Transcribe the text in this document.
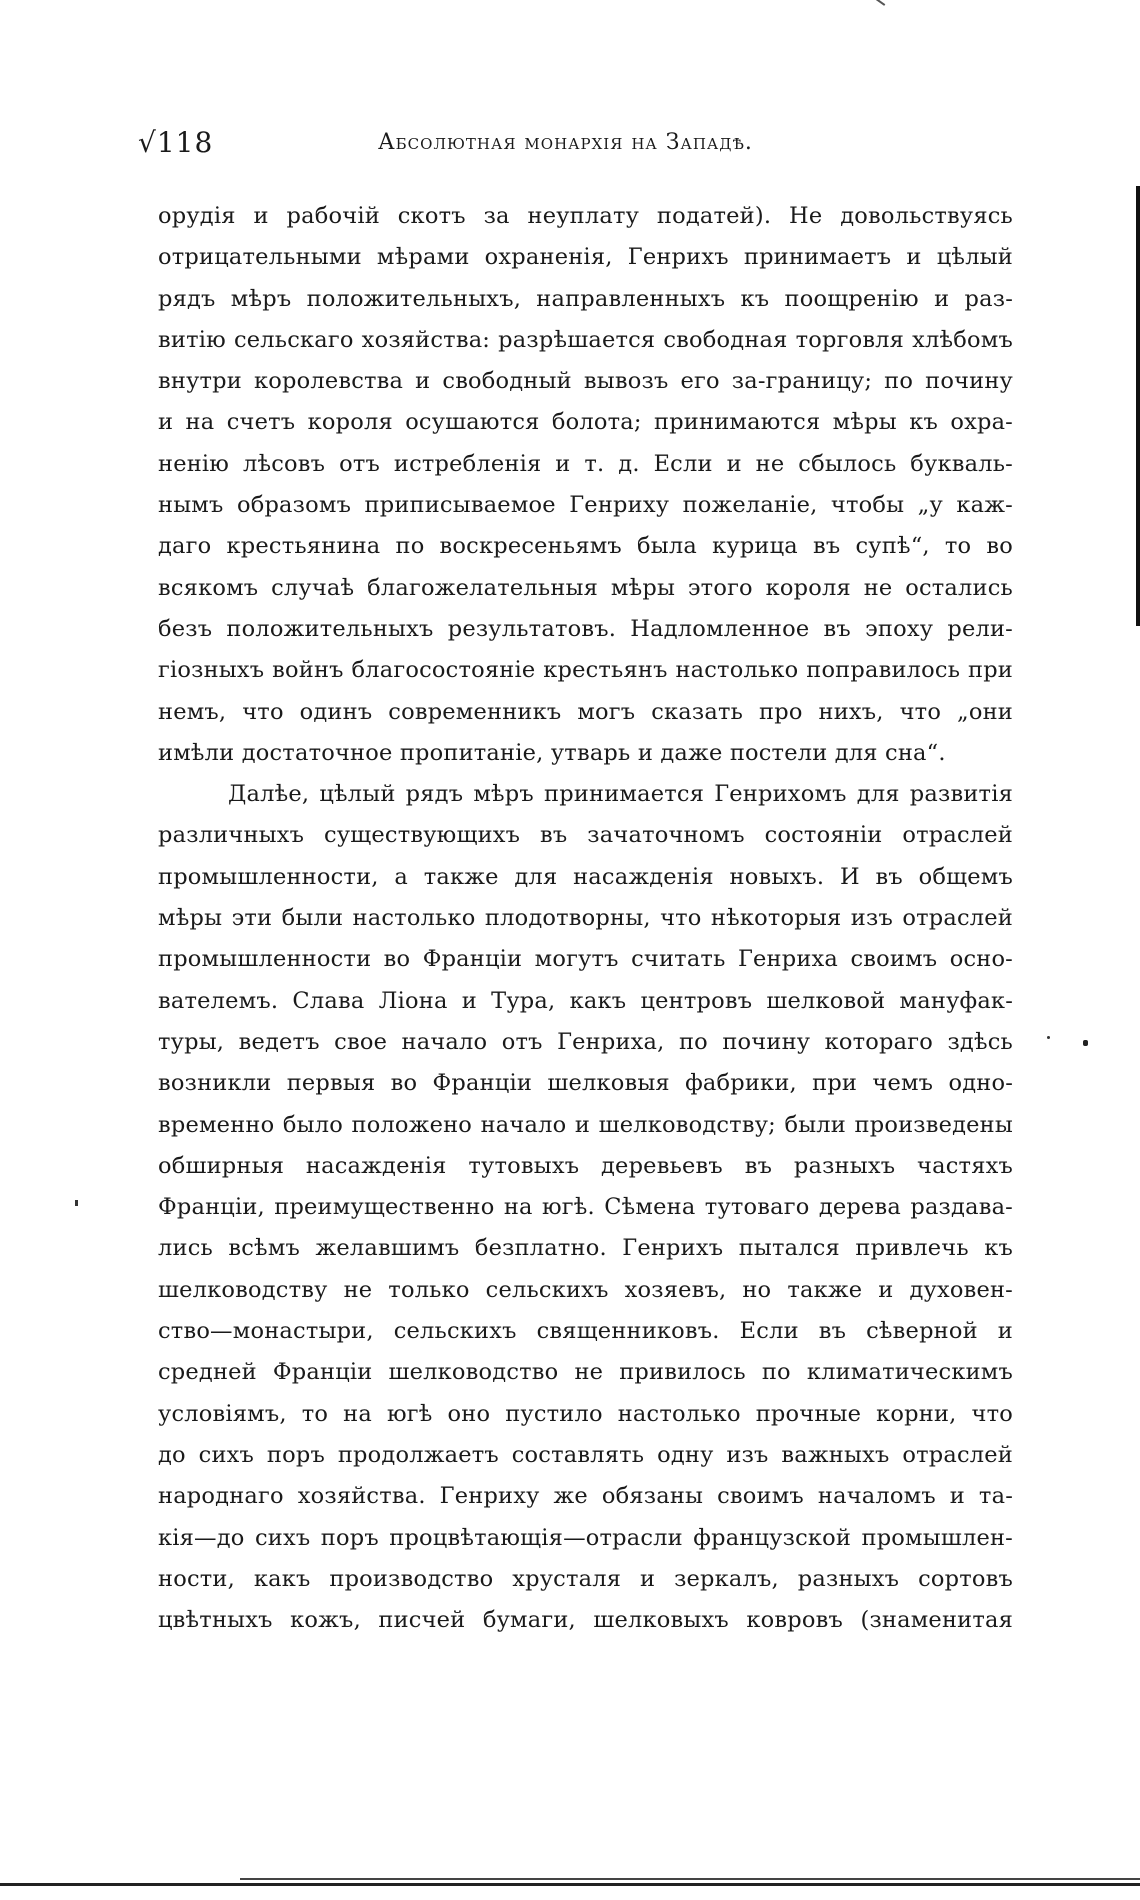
√118	Абсолютная монархія на Западѣ.
орудія и рабочій скотъ за неуплату податей). Не довольствуясь
отрицательными мѣрами охраненія, Генрихъ принимаетъ и цѣлый
рядъ мѣръ положительныхъ, направленныхъ къ поощренію и раз-
витію сельскаго хозяйства: разрѣшается свободная торговля хлѣбомъ
внутри королевства и свободный вывозъ его за-границу; по почину
и на счетъ короля осушаются болота; принимаются мѣры къ охра-
ненію лѣсовъ отъ истребленія и т. д. Если и не сбылось букваль-
нымъ образомъ приписываемое Генриху пожеланіе, чтобы „у каж-
даго крестьянина по воскресеньямъ была курица въ супѣ“, то во
всякомъ случаѣ благожелательныя мѣры этого короля не остались
безъ положительныхъ результатовъ. Надломленное въ эпоху рели-
гіозныхъ войнъ благосостояніе крестьянъ настолько поправилось при
немъ, что одинъ современникъ могъ сказать про нихъ, что „они
имѣли достаточное пропитаніе, утварь и даже постели для сна“.
Далѣе, цѣлый рядъ мѣръ принимается Генрихомъ для развитія
различныхъ существующихъ въ зачаточномъ состояніи отраслей
промышленности, а также для насажденія новыхъ. И въ общемъ
мѣры эти были настолько плодотворны, что нѣкоторыя изъ отраслей
промышленности во Франціи могутъ считать Генриха своимъ осно-
вателемъ. Слава Ліона и Тура, какъ центровъ шелковой мануфак-
туры, ведетъ свое начало отъ Генриха, по почину котораго здѣсь
возникли первыя во Франціи шелковыя фабрики, при чемъ одно-
временно было положено начало и шелководству; были произведены
обширныя насажденія тутовыхъ деревьевъ въ разныхъ частяхъ
Франціи, преимущественно на югѣ. Сѣмена тутоваго дерева раздава-
лись всѣмъ желавшимъ безплатно. Генрихъ пытался привлечь къ
шелководству не только сельскихъ хозяевъ, но также и духовен-
ство—монастыри, сельскихъ священниковъ. Если въ сѣверной и
средней Франціи шелководство не привилось по климатическимъ
условіямъ, то на югѣ оно пустило настолько прочные корни, что
до сихъ поръ продолжаетъ составлять одну изъ важныхъ отраслей
народнаго хозяйства. Генриху же обязаны своимъ началомъ и та-
кія—до сихъ поръ процвѣтающія—отрасли французской промышлен-
ности, какъ производство хрусталя и зеркалъ, разныхъ сортовъ
цвѣтныхъ кожъ, писчей бумаги, шелковыхъ ковровъ (знаменитая
